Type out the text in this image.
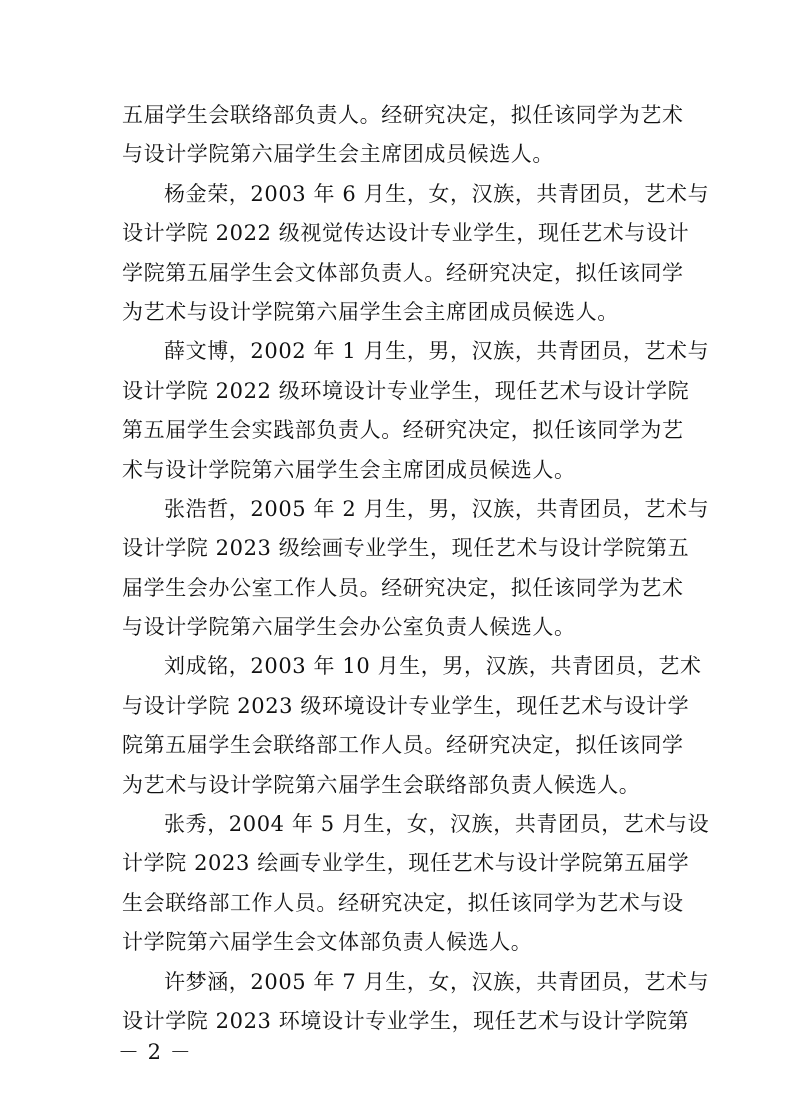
五届学生会联络部负责人。经研究决定，拟任该同学为艺术
与设计学院第六届学生会主席团成员候选人。
杨金荣，2003 年 6 月生，女，汉族，共青团员，艺术与
设计学院 2022 级视觉传达设计专业学生，现任艺术与设计
学院第五届学生会文体部负责人。经研究决定，拟任该同学
为艺术与设计学院第六届学生会主席团成员候选人。
薛文博，2002 年 1 月生，男，汉族，共青团员，艺术与
设计学院 2022 级环境设计专业学生，现任艺术与设计学院
第五届学生会实践部负责人。经研究决定，拟任该同学为艺
术与设计学院第六届学生会主席团成员候选人。
张浩哲，2005 年 2 月生，男，汉族，共青团员，艺术与
设计学院 2023 级绘画专业学生，现任艺术与设计学院第五
届学生会办公室工作人员。经研究决定，拟任该同学为艺术
与设计学院第六届学生会办公室负责人候选人。
刘成铭，2003 年 10 月生，男，汉族，共青团员，艺术
与设计学院 2023 级环境设计专业学生，现任艺术与设计学
院第五届学生会联络部工作人员。经研究决定，拟任该同学
为艺术与设计学院第六届学生会联络部负责人候选人。
张秀，2004 年 5 月生，女，汉族，共青团员，艺术与设
计学院 2023 绘画专业学生，现任艺术与设计学院第五届学
生会联络部工作人员。经研究决定，拟任该同学为艺术与设
计学院第六届学生会文体部负责人候选人。
许梦涵，2005 年 7 月生，女，汉族，共青团员，艺术与
设计学院 2023 环境设计专业学生，现任艺术与设计学院第
－ 2 －
